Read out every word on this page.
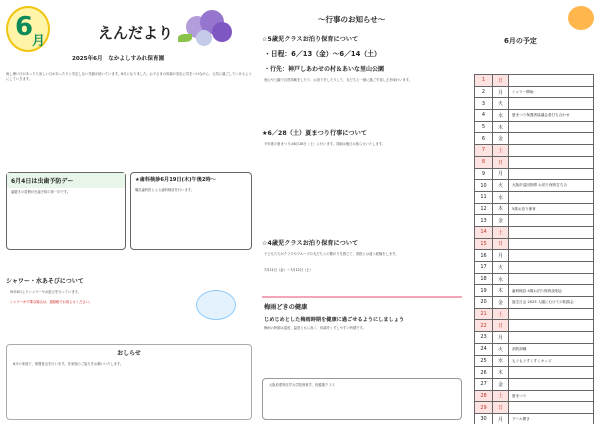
6
月	えんだより
2025年6月　なかよしすみれ保育園
雨し暑い日があったり涼しい日があったりと安定しない気候が続いています。6月になりました。お子さまの体調の変化に気をつけながら、元気に過ごしていけるようにしていきます。
6月4日は虫歯予防デー
歯磨きの習慣が虫歯予防の第一歩です。
★歯科検診6月19日(木)午後2時〜
嘱託歯科医による歯科検診を行います。
シャワー・水あそびについて
毎年6月よりシャワーや水遊びを行っています。
シャワーが不要な場合は、連絡帳でお知らせください。
おしらせ
6月の家庭で、保護者会を行います。各家庭のご協力をお願いいたします。
〜行事のお知らせ〜
☆5歳児クラスお泊り保育について
・日程：6／13（金）〜6／14（土）
・行先：神戸しあわせの村＆あいな里山公園
里山や公園で自然体験をしたり、お泊りをしたりして、友だちと一緒に過ごす楽しさを味わいます。
★6／28（土）夏まつり行事について
今年度の夏まつりは6月28日（土）に行います。詳細は後日お知らせいたします。
☆4歳児クラスお泊り保育について
子どもたちがクラスやグループの友だちとの繋がりを感じて、普段とは違う経験をします。
7月11日（金）〜7月12日（土）
梅雨どきの健康
じめじめとした梅雨時期を健康に過ごせるようにしましょう
梅雨の時期は湿度、温度ともに高く、体調をくずしやすい時期です。
大阪府愛育医学大学院保育学、校健康クラス
6月の予定
1	日	
2	月	シャワー開始
3	火	
4	水	夏まつり保護者協議会者打ち合わせ
5	木	
6	金	
7	土	
8	日	
9	月	
10	火	大阪市巡回指導 お泊り保育打ち合
11	水	
12	木	5歳お泊り保育
13	金	
14	土	
15	日	
16	月	
17	火	
18	水	
19	木	歯科検診 4歳お泊り保育説明会
20	金	誕生日会 2025 入園にむけての相談会
21	土	
22	日	
23	月	
24	火	消防訓練
25	水	もぐもぐすくすくキッズ
26	木	
27	金	
28	土	夏まつり
29	日	
30	月	プール開き
